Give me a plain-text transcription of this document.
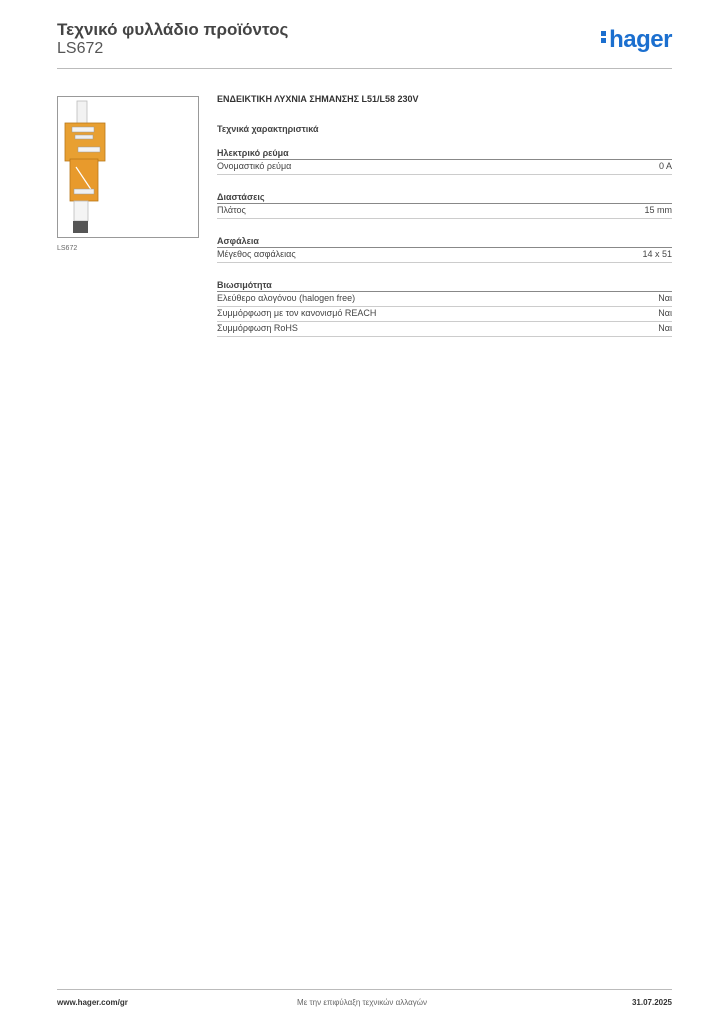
Τεχνικό φυλλάδιο προϊόντος

LS672	hager
LS672

ΕΝΔΕΙΚΤΙΚΗ ΛΥΧΝΙΑ ΣΗΜΑΝΣΗΣ L51/L58 230V

Τεχνικά χαρακτηριστικά

Ηλεκτρικό ρεύμα

Ονομαστικό ρεύμα	0 A

Διαστάσεις

Πλάτος	15 mm

Ασφάλεια

Μέγεθος ασφάλειας	14 x 51

Βιωσιμότητα

Ελεύθερο αλογόνου (halogen free)	Ναι
Συμμόρφωση με τον κανονισμό REACH	Ναι
Συμμόρφωση RoHS	Ναι
www.hager.com/gr	Με την επιφύλαξη τεχνικών αλλαγών	31.07.2025
